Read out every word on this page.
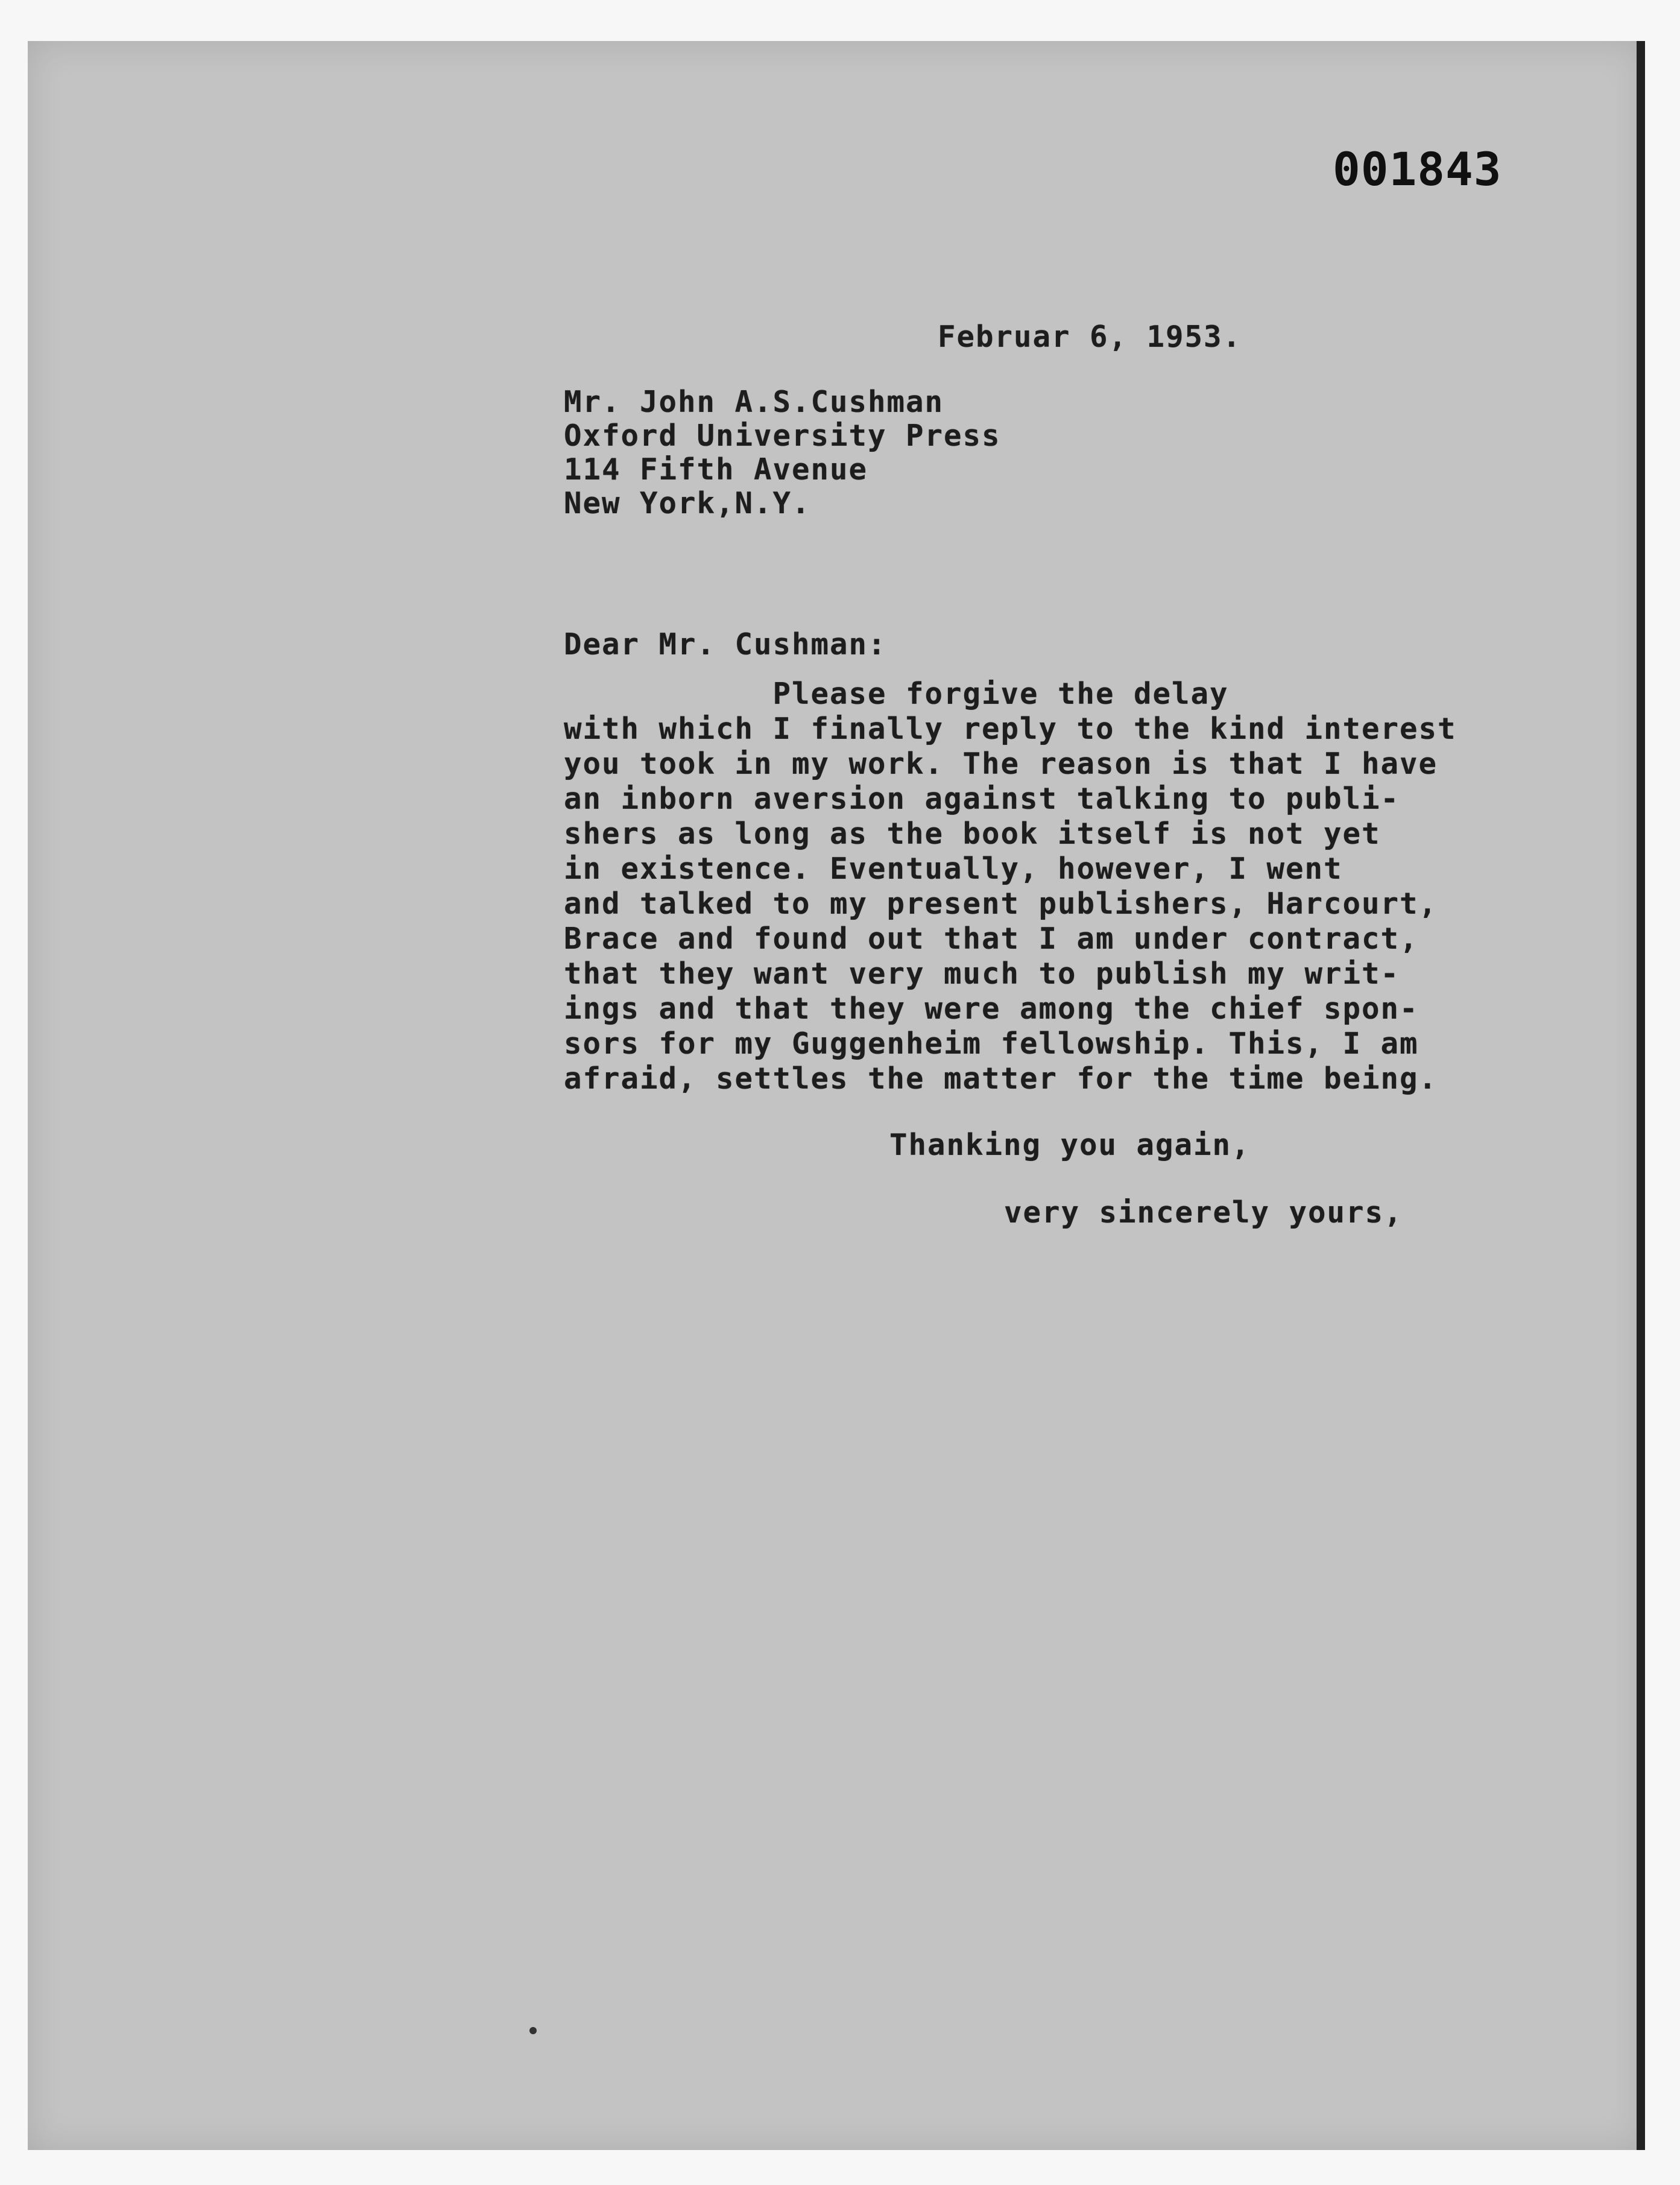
001843
Februar 6, 1953.
Mr. John A.S.Cushman
Oxford University Press
114 Fifth Avenue
New York,N.Y.
Dear Mr. Cushman:
Please forgive the delay
with which I finally reply to the kind interest
you took in my work. The reason is that I have
an inborn aversion against talking to publi-
shers as long as the book itself is not yet
in existence. Eventually, however, I went
and talked to my present publishers, Harcourt,
Brace and found out that I am under contract,
that they want very much to publish my writ-
ings and that they were among the chief spon-
sors for my Guggenheim fellowship. This, I am
afraid, settles the matter for the time being.
Thanking you again,
very sincerely yours,
